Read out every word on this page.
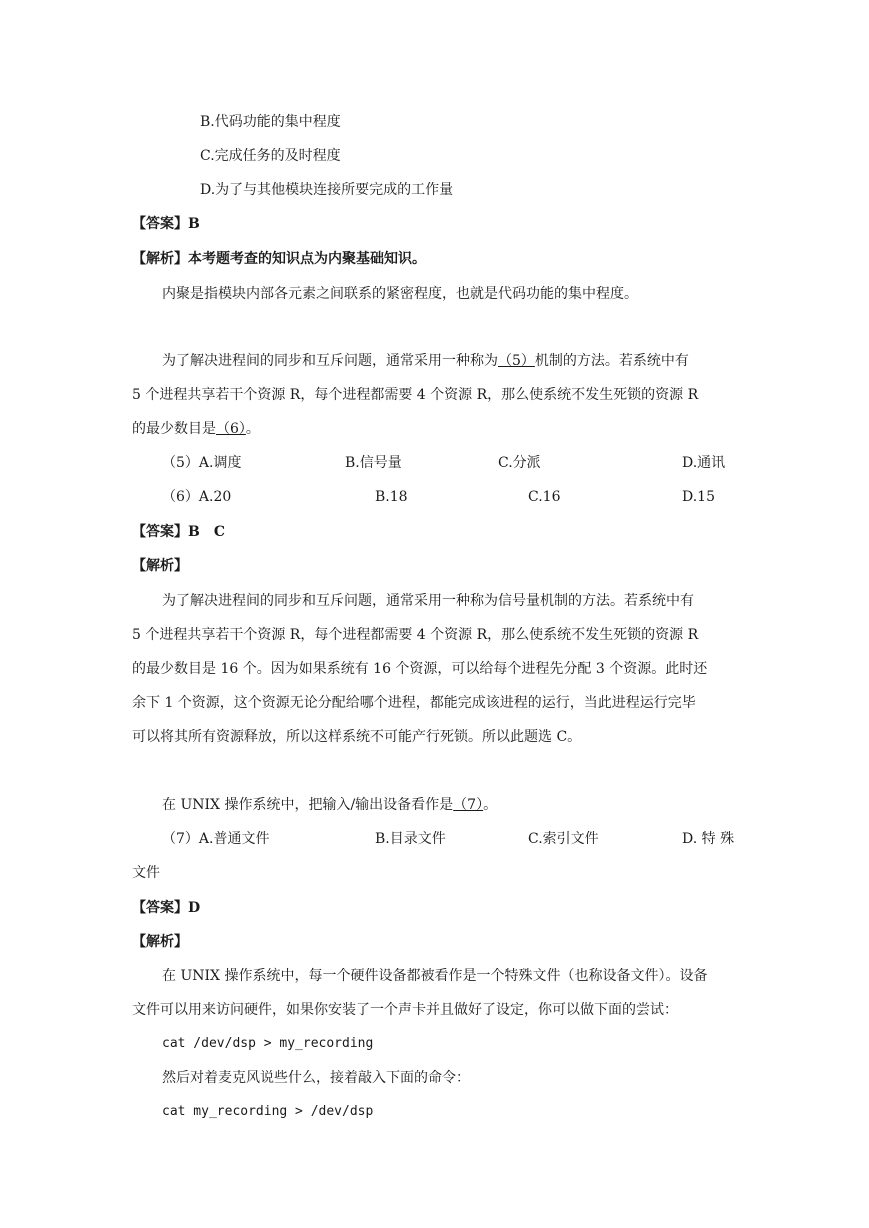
B.代码功能的集中程度
C.完成任务的及时程度
D.为了与其他模块连接所要完成的工作量
【答案】B
【解析】本考题考查的知识点为内聚基础知识。
内聚是指模块内部各元素之间联系的紧密程度，也就是代码功能的集中程度。
为了解决进程间的同步和互斥问题，通常采用一种称为（5）机制的方法。若系统中有
5 个进程共享若干个资源 R，每个进程都需要 4 个资源 R，那么使系统不发生死锁的资源 R
的最少数目是（6）。
（5）A.调度	B.信号量	C.分派	D.通讯
（6）A.20	B.18	C.16	D.15
【答案】B　C
【解析】
为了解决进程间的同步和互斥问题，通常采用一种称为信号量机制的方法。若系统中有
5 个进程共享若干个资源 R，每个进程都需要 4 个资源 R，那么使系统不发生死锁的资源 R
的最少数目是 16 个。因为如果系统有 16 个资源，可以给每个进程先分配 3 个资源。此时还
余下 1 个资源，这个资源无论分配给哪个进程，都能完成该进程的运行，当此进程运行完毕
可以将其所有资源释放，所以这样系统不可能产行死锁。所以此题选 C。
在 UNIX 操作系统中，把输入/输出设备看作是（7）。
（7）A.普通文件	B.目录文件	C.索引文件	D. 特 殊
文件
【答案】D
【解析】
在 UNIX 操作系统中，每一个硬件设备都被看作是一个特殊文件（也称设备文件）。设备
文件可以用来访问硬件，如果你安装了一个声卡并且做好了设定，你可以做下面的尝试：
cat /dev/dsp > my_recording
然后对着麦克风说些什么，接着敲入下面的命令：
cat my_recording > /dev/dsp
